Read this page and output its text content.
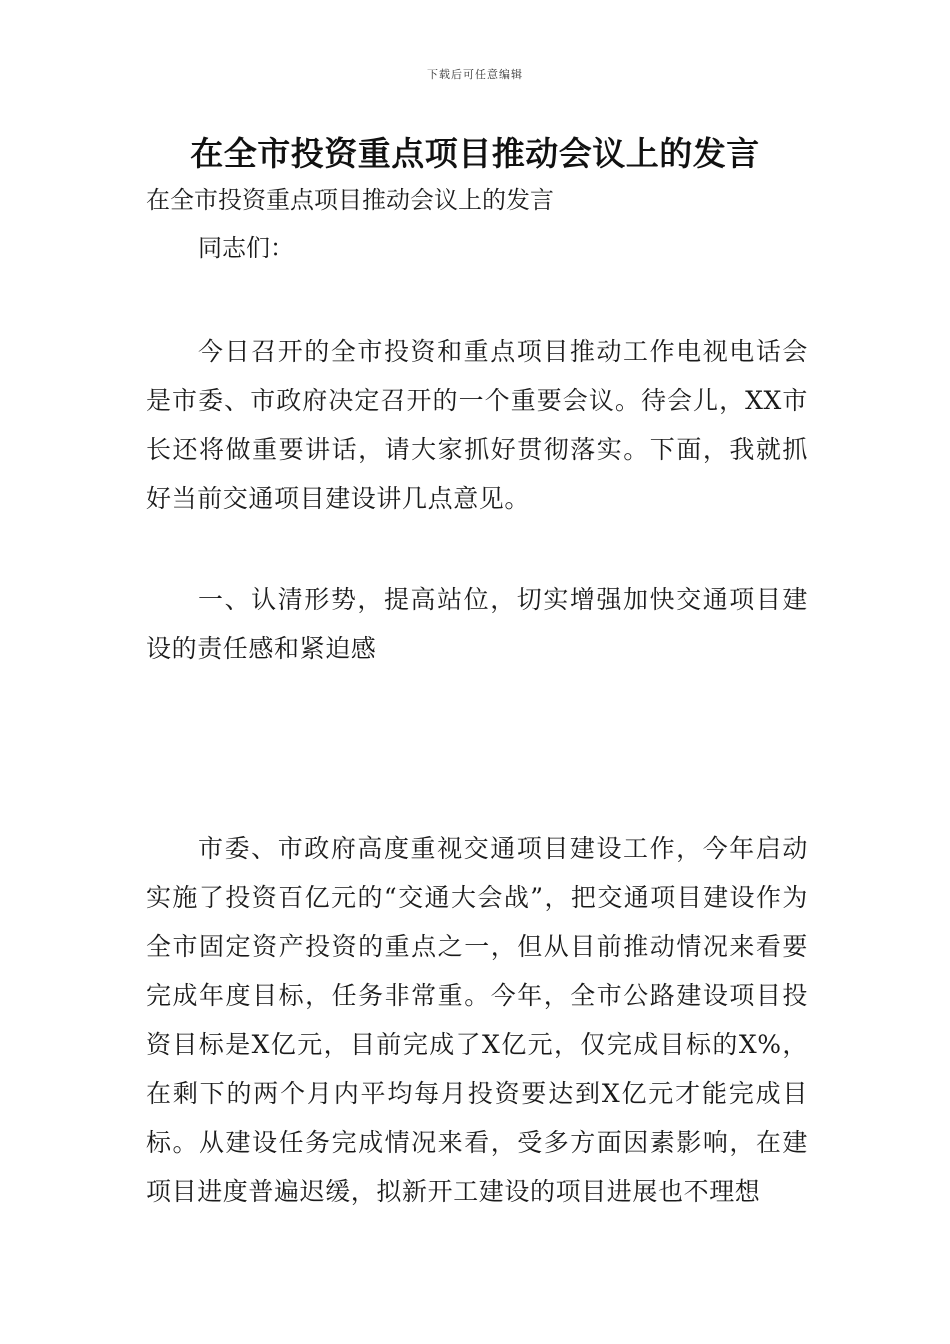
下载后可任意编辑
在全市投资重点项目推动会议上的发言

在全市投资重点项目推动会议上的发言

同志们：

今日召开的全市投资和重点项目推动工作电视电话会是市委、市政府决定召开的一个重要会议。待会儿，XX市长还将做重要讲话，请大家抓好贯彻落实。下面，我就抓好当前交通项目建设讲几点意见。

一、认清形势，提高站位，切实增强加快交通项目建设的责任感和紧迫感

市委、市政府高度重视交通项目建设工作，今年启动实施了投资百亿元的“交通大会战”，把交通项目建设作为全市固定资产投资的重点之一，但从目前推动情况来看要完成年度目标，任务非常重。今年，全市公路建设项目投资目标是X亿元，目前完成了X亿元，仅完成目标的X%，在剩下的两个月内平均每月投资要达到X亿元才能完成目标。从建设任务完成情况来看，受多方面因素影响，在建项目进度普遍迟缓，拟新开工建设的项目进展也不理想
